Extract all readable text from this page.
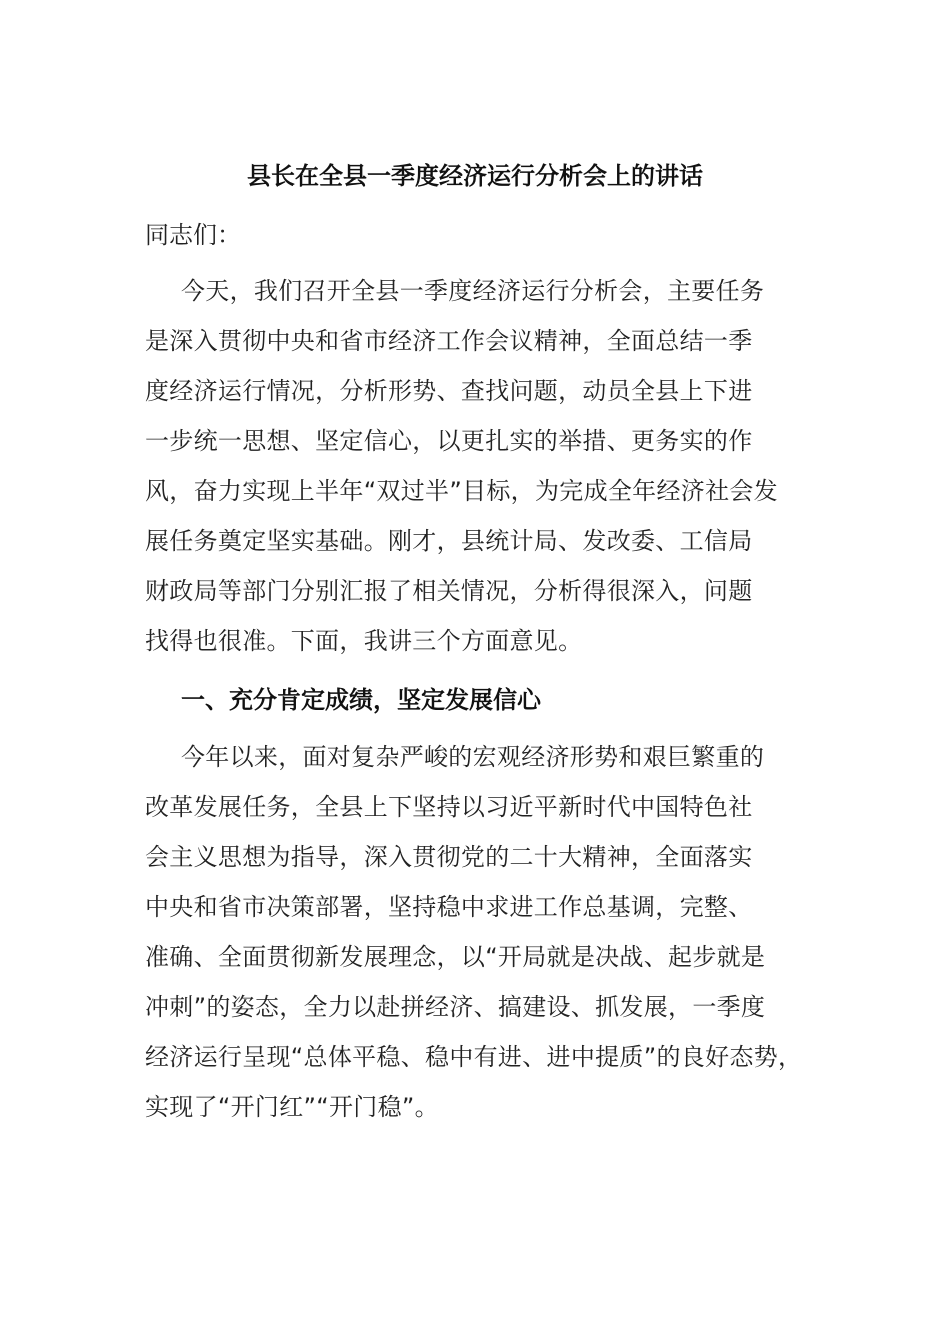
县长在全县一季度经济运行分析会上的讲话

同志们：

今天，我们召开全县一季度经济运行分析会，主要任务
是深入贯彻中央和省市经济工作会议精神，全面总结一季
度经济运行情况，分析形势、查找问题，动员全县上下进
一步统一思想、坚定信心，以更扎实的举措、更务实的作
风，奋力实现上半年“双过半”目标，为完成全年经济社会发
展任务奠定坚实基础。刚才，县统计局、发改委、工信局
财政局等部门分别汇报了相关情况，分析得很深入，问题
找得也很准。下面，我讲三个方面意见。
一、充分肯定成绩，坚定发展信心
今年以来，面对复杂严峻的宏观经济形势和艰巨繁重的
改革发展任务，全县上下坚持以习近平新时代中国特色社
会主义思想为指导，深入贯彻党的二十大精神，全面落实
中央和省市决策部署，坚持稳中求进工作总基调，完整、
准确、全面贯彻新发展理念，以“开局就是决战、起步就是
冲刺”的姿态，全力以赴拼经济、搞建设、抓发展，一季度
经济运行呈现“总体平稳、稳中有进、进中提质”的良好态势，
实现了“开门红”“开门稳”。
